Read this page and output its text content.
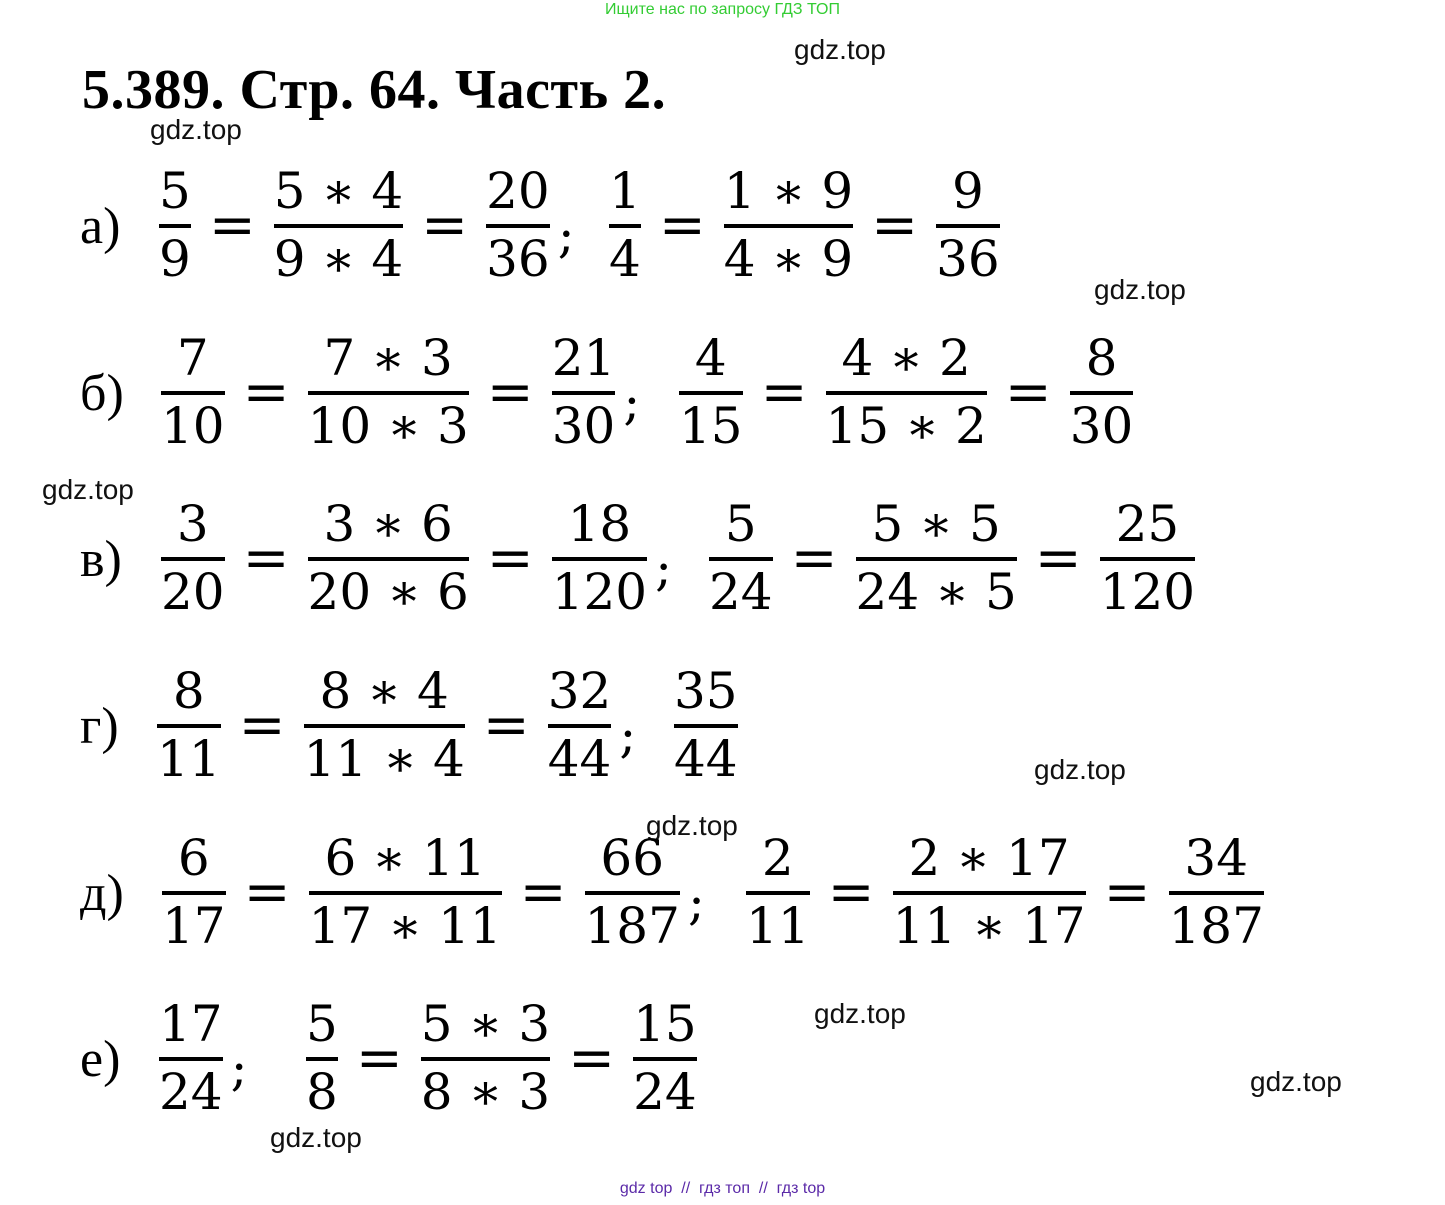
Ищите нас по запросу ГДЗ ТОП
5.389. Стр. 64. Часть 2.
gdz.top
gdz.top
gdz.top
gdz.top
gdz.top
gdz.top
gdz.top
gdz.top
gdz.top
$а) \frac{5}{9} = \frac{5 ∗ 4}{9 ∗ 4} = \frac{20}{36}$ ; $\frac{1}{4} = \frac{1 ∗ 9}{4 ∗ 9} = \frac{9}{36}$
$б) \frac{7}{10} = \frac{7 ∗ 3}{10 ∗ 3} = \frac{21}{30}$ ; $\frac{4}{15} = \frac{4 ∗ 2}{15 ∗ 2} = \frac{8}{30}$
$в) \frac{3}{20} = \frac{3 ∗ 6}{20 ∗ 6} = \frac{18}{120}$ ; $\frac{5}{24} = \frac{5 ∗ 5}{24 ∗ 5} = \frac{25}{120}$
$г) \frac{8}{11} = \frac{8 ∗ 4}{11 ∗ 4} = \frac{32}{44}$ ; $\frac{35}{44}$
$д) \frac{6}{17} = \frac{6 ∗ 11}{17 ∗ 11} = \frac{66}{187}$ ; $\frac{2}{11} = \frac{2 ∗ 17}{11 ∗ 17} = \frac{34}{187}$
$е) \frac{17}{24}$ ; $\frac{5}{8} = \frac{5 ∗ 3}{8 ∗ 3} = \frac{15}{24}$
gdz top  //  гдз топ  //  гдз top
